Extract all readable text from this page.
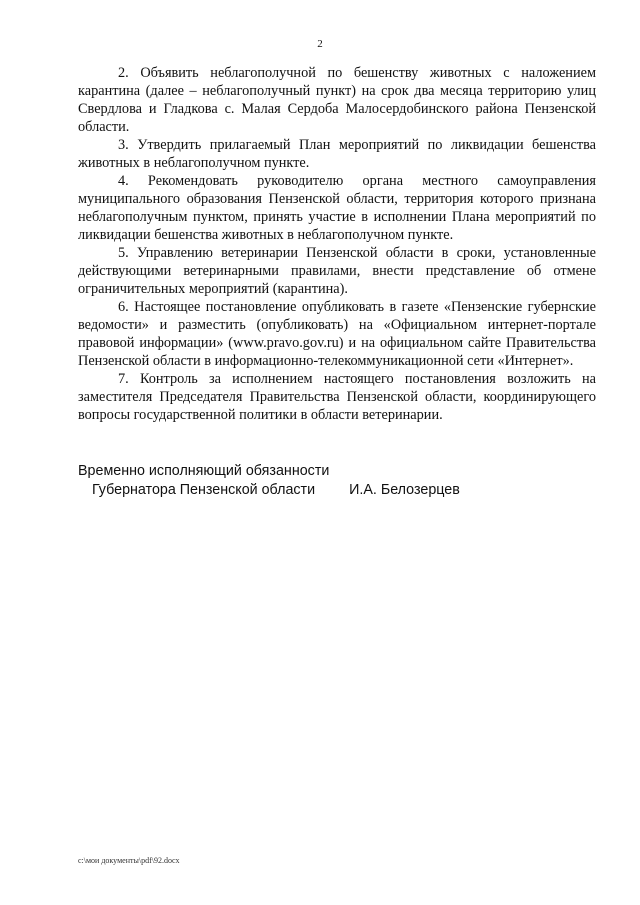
2

2. Объявить неблагополучной по бешенству животных с наложением карантина (далее – неблагополучный пункт) на срок два месяца территорию улиц Свердлова и Гладкова с. Малая Сердоба Малосердобинского района Пензенской области.

3. Утвердить прилагаемый План мероприятий по ликвидации бешенства животных в неблагополучном пункте.

4. Рекомендовать руководителю органа местного самоуправления муниципального образования Пензенской области, территория которого признана неблагополучным пунктом, принять участие в исполнении Плана мероприятий по ликвидации бешенства животных в неблагополучном пункте.

5. Управлению ветеринарии Пензенской области в сроки, установленные действующими ветеринарными правилами, внести представление об отмене ограничительных мероприятий (карантина).

6. Настоящее постановление опубликовать в газете «Пензенские губернские ведомости» и разместить (опубликовать) на «Официальном интернет-портале правовой информации» (www.pravo.gov.ru) и на официальном сайте Правительства Пензенской области в информационно-телекоммуникационной сети «Интернет».

7. Контроль за исполнением настоящего постановления возложить на заместителя Председателя Правительства Пензенской области, координирующего вопросы государственной политики в области ветеринарии.

Временно исполняющий обязанности
Губернатора Пензенской области И.А. Белозерцев
c:\мои документы\pdf\92.docx
